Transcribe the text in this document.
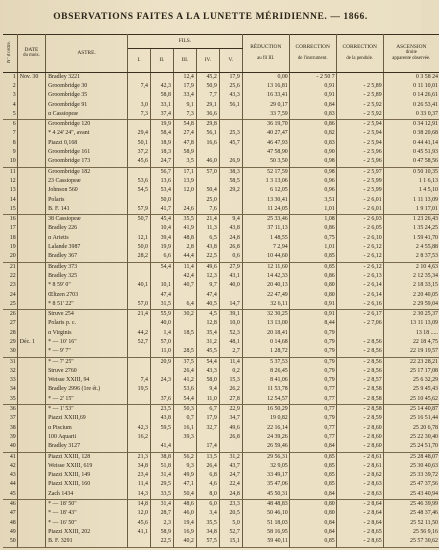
OBSERVATIONS FAITES A LA LUNETTE MÉRIDIENNE. — 1866.
N° d'ordre.	DATE
du mois.	ASTRE.	FILS.					RÉDUCTION

au fil III.	CORRECTION

de l'instrument.	CORRECTION

de la pendule.	ASCENSION
droite
apparente observée.
			I.	II.	III.	IV.	V.				
1	Nov. 30	Bradley 3221			12,4	45,2	17,9	0,00	- 2 50 7		0 3 58 24
2		Groombridge 30	7,4	42,3	17,9	50,9	25,6	13 16,81	0,91	- 2 5,89	0 11 10,01
3		Groombridge 35		58,8	33,4	7,7	43,3	16 33,41	0,91	- 2 5,89	0 14 26,61
4		Groombridge 91	3,0	33,1	9,1	29,1	56,1	29 0,17	0,84	- 2 5,92	0 26 53,41
5		α Cassiopeæ	7,3	37,4	7,3	36,6		33 7,59	0,83	- 2 5,92	0 33 0,37
6		Groombridge 120		19,9	54,8	29,8		36 19,70	0,86	- 2 5,94	0 34 12,91
7		* 4 24' 24", avant	29,4	58,4	27,4	56,1	25,3	40 27,47	0,82	- 2 5,94	0 38 20,68
8		Piazzi 0,168	50,1	18,9	47,8	16,6	45,7	46 47,93	0,83	- 2 5,94	0 44 41,14
9		Groombridge 161	37,2	18,3	58,9			47 58,90	0,90	- 2 5,96	0 45 51,93
10		Groombridge 173	45,6	24,7	3,5	46,0	26,9	50 3,50	0,98	- 2 5,96	0 47 58,56
11		Groombridge 182		56,7	17,1	57,0	38,3	52 17,59	0,98	- 2 5,97	0 50 10,35
12		23 Cassiopeæ	53,6	13,6	13,9		58,5	1 3 13,06	0,96	- 2 5,99	1 1 6,13
13		Johnson 560	54,5	53,4	12,0	50,4	29,2	6 12,05	0,96	- 2 5,99	1 4 5,10
14		Polaris		50,0		25,0		13 30,41	3,51	- 2 6,01	1 11 13,09
15		B. F. 141	57,9	41,7	24,6	7,6		11 24,05	1,01	- 2 6,01	1 9 17,01
16		38 Cassiopeæ	50,7	45,4	35,5	21,4	9,4	25 33,46	1,08	- 2 6,03	1 23 26,43
17		Bradley 226		10,4	41,9	11,3	43,8	37 11,13	0,86	- 2 6,05	1 35 24,25
18		α Arietis	12,1	39,4	48,8	6,5	24,8	1 48,55	0,75	- 2 6,10	1 59 41,70
19		Lalande 3987	50,0	19,9	2,8	43,8	26,8	7 2,94	1,01	- 2 6,12	2 4 55,88
20		Bradley 367	28,2	6,6	44,4	22,5	0,6	10 44,60	0,85	- 2 6,12	2 8 37,53
21		Bradley 373		54,4	11,4	49,6	27,9	12 11,60	0,85	- 2 6,12	2 10 4,63
22		Bradley 325			42,4	12,3	43,1	14 42,33	0,86	- 2 6,13	2 12 35,34
23		* 8 59' 0"	40,1	10,1	40,7	9,7	40,0	20 40,13	0,80	- 2 6,14	2 18 33,15
24		Œltzen 2703		47,4		47,4		22 47,49	0,80	- 2 6,14	2 20 40,05
25		* 8 51' 22"	57,0	31,5	6,4	40,5	14,7	32 6,11	0,91	- 2 6,16	2 29 59,04
26		Struve 254	21,4	55,9	30,2	4,5	39,1	32 30,25	0,91	- 2 6,17	2 30 25,37
27		Polaris p. c.		40,0		12,8	10,0	13 13,00	8,44	- 2 7,06	13 11 13,09
28		α Virginis	44,2	1,4	18,5	35,4	52,3	20 18,41	0,79		13 18 .....
29	Déc. 1	* — 10' 16"	52,7	57,0		31,2	48,1	0 14,68	0,79	- 2 8,56	22 18 4,75
30		* — 9' 7"		11,0	28,5	45,5	2,7	1 28,72	0,79	- 2 8,56	22 19 19,57
31		* — 7' 25"		20,9	37,5	54,4	11,4	5 37,53	0,79	- 2 8,56	22 23 28,21
32		Struve 2760			26,4	43,3	0,2	8 26,45	0,79	- 2 8,56	25 17 17,08
33		Weisse XXIII, 94	7,4	24,3	41,2	58,0	15,3	8 41,06	0,79	- 2 8,57	25 6 32,29
34		Bradley 2996 (1re ét.)	19,5		53,6	9,4	26,2	11 53,78	0,77	- 2 8,58	25 9 45,43
35		* — 2' 15"		37,6	54,4	11,0	27,8	12 54,57	0,77	- 2 8,58	25 10 45,62
36		* — 1' 53"		23,5	50,3	6,7	22,9	16 50,29	0,77	- 2 8,58	25 14 40,87
37		Piazzi XXIII,69		43,8	0,7	17,9	34,7	19 0,82	0,79	- 2 8,59	25 16 51,44
38		α Piscium	42,3	59,5	16,1	32,7	49,6	22 16,14	0,77	- 2 8,60	25 20 6,78
39		100 Aquarii	16,2		39,3		26,8	24 39,26	0,77	- 2 8,60	25 22 30,40
40		Bradley 3127		41,4		17,4		26 59,46	0,84	- 2 8,60	25 24 51,70
41		Piazzi XXIII, 128	21,3	38,8	56,2	13,5	31,2	29 56,31	0,85	- 2 8,61	25 28 48,07
42		Weisse XXIII, 619	34,8	51,8	9,3	26,4	43,7	32 9,05	0,85	- 2 8,61	25 30 40,63
43		Piazzi XXIII, 149	23,4	31,4	49,9	6,8	24,7	33 49,17	0,85	- 2 8,62	25 33 39,72
44		Piazzi XXIII, 160	11,4	29,5	47,1	4,6	22,4	35 47,06	0,85	- 2 8,63	25 47 37,56
45		Zach 1434	14,3	33,5	50,4	8,0	24,8	45 50,31	0,84	- 2 8,63	25 43 40,94
46		* — 18' 50"	14,8	31,4	48,6	6,0	23,3	48 48,83	0,80	- 2 8,64	25 46 39,99
47		* — 18' 43"	12,0	28,7	46,0	3,4	20,5	50 46,10	0,80	- 2 8,64	25 48 37,46
48		* — 16' 50"	45,6	2,3	19,4	35,5	5,0	51 18,03	0,84	- 2 8,64	25 52 11,50
49		Piazzi XXIII, 202	41,1	58,9	16,9	34,8	52,7	58 16,95	0,84	- 2 8,65	25 56 9,16
50		B. F. 3291		22,5	40,2	57,5	15,1	59 40,11	0,85	- 2 8,65	25 57 30,62
